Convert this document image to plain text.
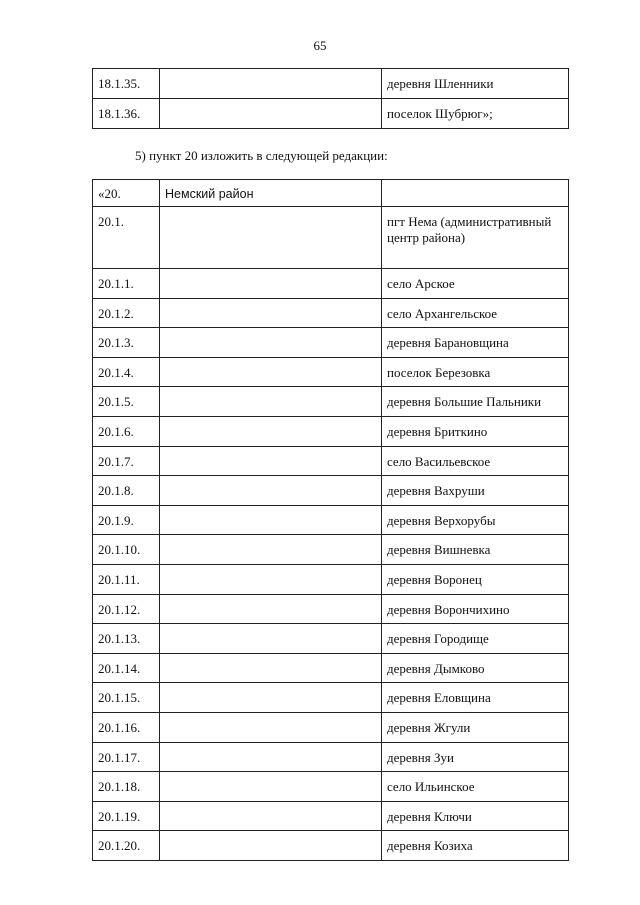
65
18.1.35.		деревня Шленники
18.1.36.		поселок Шубрюг»;
5) пункт 20 изложить в следующей редакции:
«20.	Немский район	
20.1.		пгт Нема (административный центр района)
20.1.1.		село Арское
20.1.2.		село Архангельское
20.1.3.		деревня Барановщина
20.1.4.		поселок Березовка
20.1.5.		деревня Большие Пальники
20.1.6.		деревня Бриткино
20.1.7.		село Васильевское
20.1.8.		деревня Вахруши
20.1.9.		деревня Верхорубы
20.1.10.		деревня Вишневка
20.1.11.		деревня Воронец
20.1.12.		деревня Ворончихино
20.1.13.		деревня Городище
20.1.14.		деревня Дымково
20.1.15.		деревня Еловщина
20.1.16.		деревня Жгули
20.1.17.		деревня Зуи
20.1.18.		село Ильинское
20.1.19.		деревня Ключи
20.1.20.		деревня Козиха
